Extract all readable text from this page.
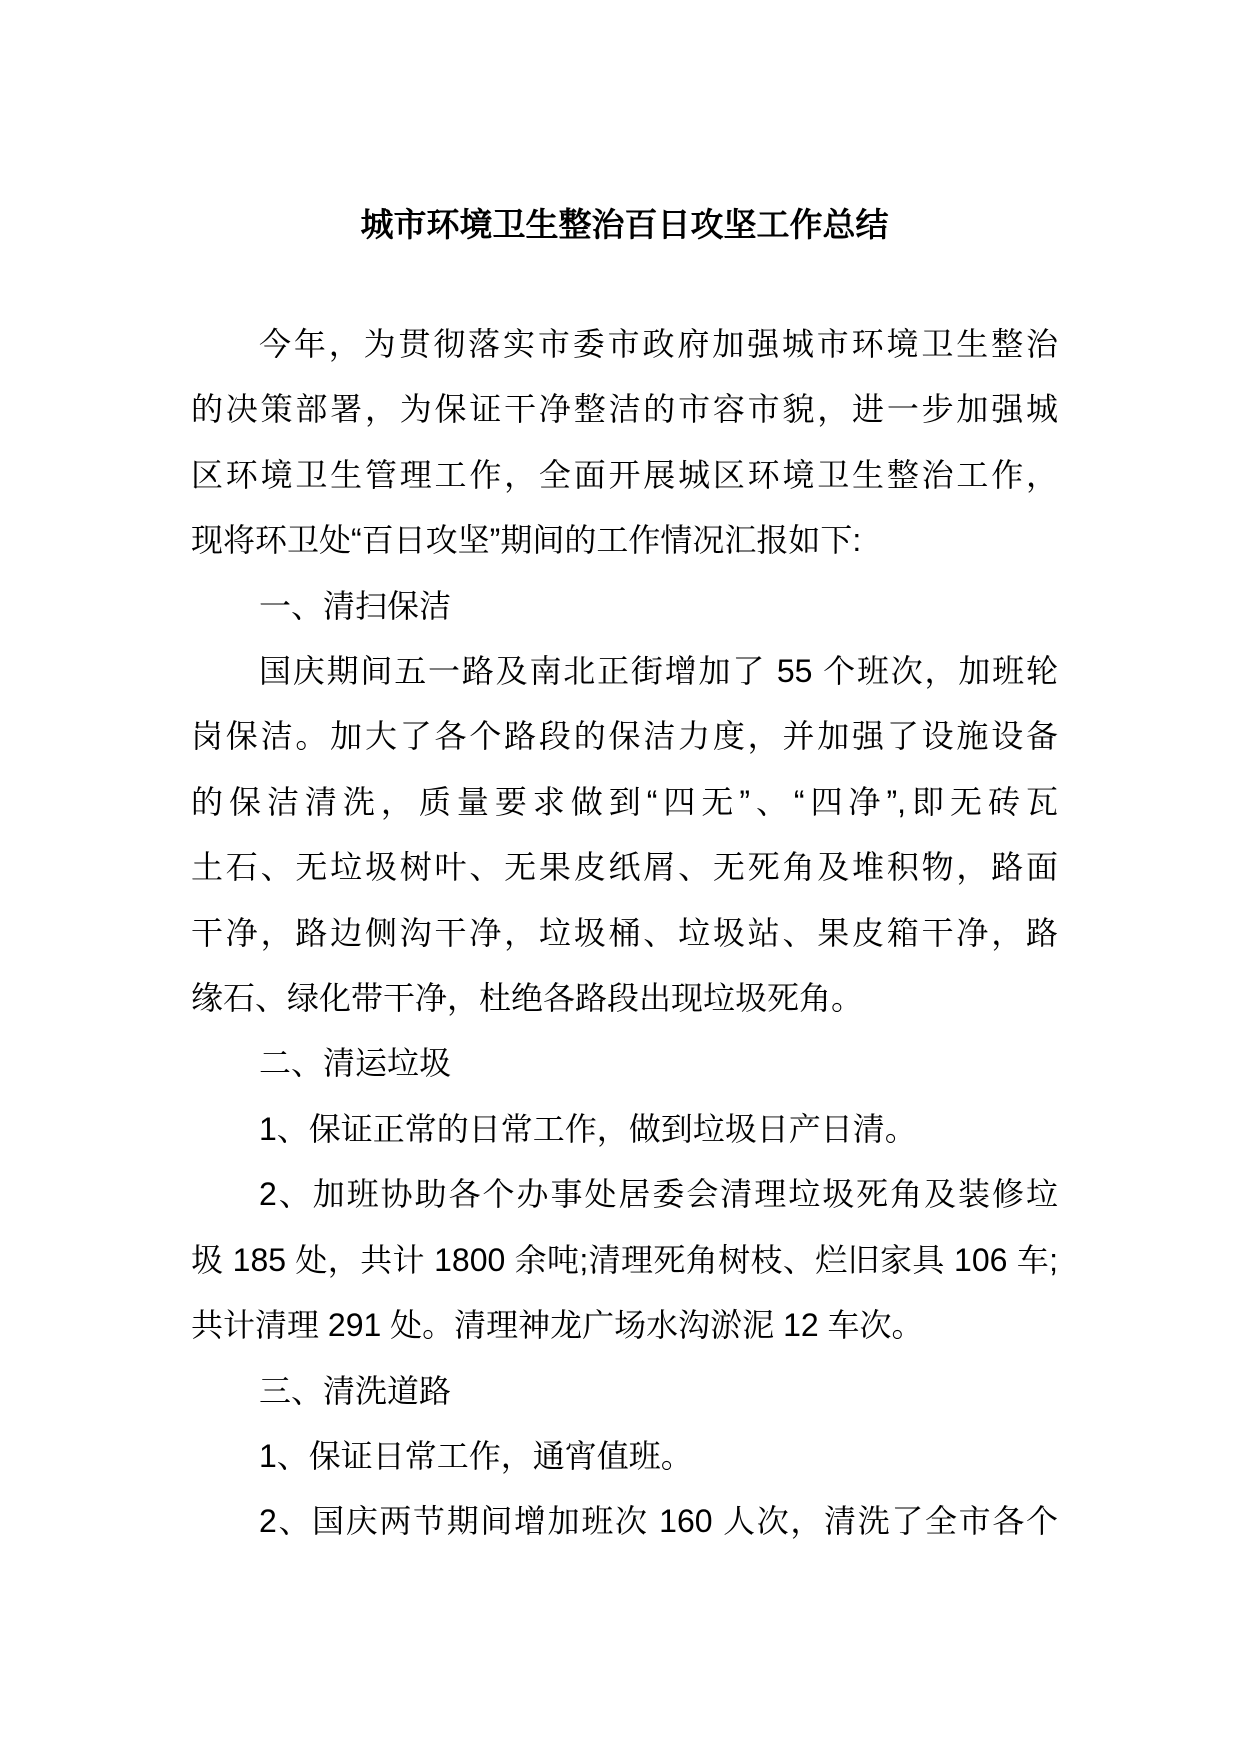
城市环境卫生整治百日攻坚工作总结
今年，为贯彻落实市委市政府加强城市环境卫生整治
的决策部署，为保证干净整洁的市容市貌，进一步加强城
区环境卫生管理工作，全面开展城区环境卫生整治工作，
现将环卫处“百日攻坚”期间的工作情况汇报如下:
一、清扫保洁
国庆期间五一路及南北正街增加了 55 个班次，加班轮
岗保洁。加大了各个路段的保洁力度，并加强了设施设备
的保洁清洗，质量要求做到“四无”、“四净”,即无砖瓦
土石、无垃圾树叶、无果皮纸屑、无死角及堆积物，路面
干净，路边侧沟干净，垃圾桶、垃圾站、果皮箱干净，路
缘石、绿化带干净，杜绝各路段出现垃圾死角。
二、清运垃圾
1、保证正常的日常工作，做到垃圾日产日清。
2、加班协助各个办事处居委会清理垃圾死角及装修垃
圾 185 处，共计 1800 余吨;清理死角树枝、烂旧家具 106 车;
共计清理 291 处。清理神龙广场水沟淤泥 12 车次。
三、清洗道路
1、保证日常工作，通宵值班。
2、国庆两节期间增加班次 160 人次，清洗了全市各个
